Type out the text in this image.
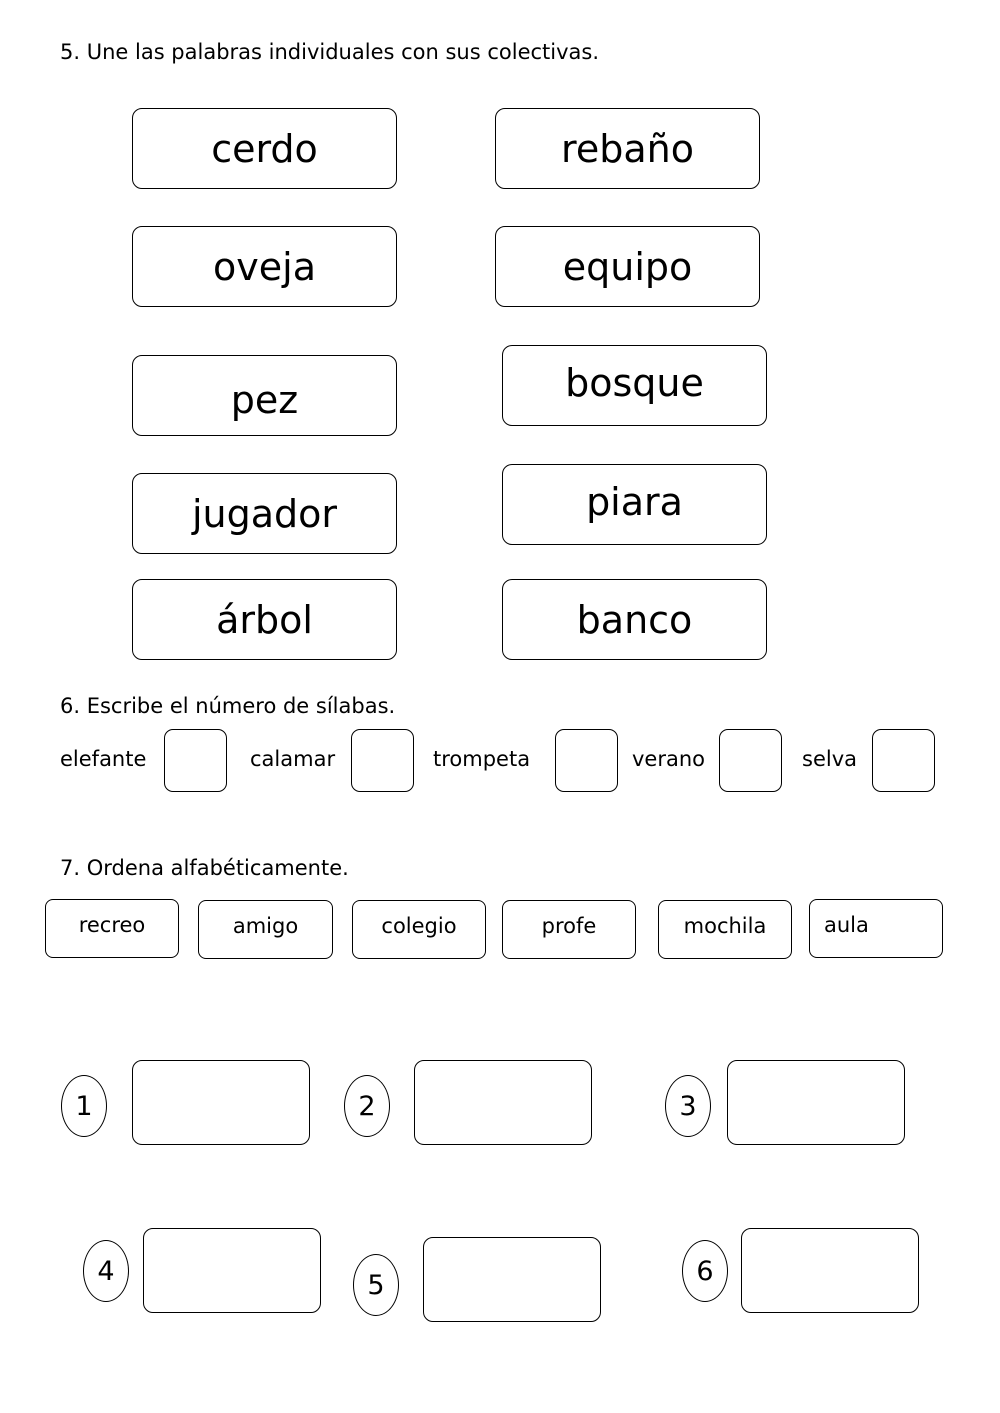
5. Une las palabras individuales con sus colectivas.
cerdo
oveja
pez
jugador
árbol
rebaño
equipo
bosque
piara
banco
6. Escribe el número de sílabas.
elefante	calamar	trompeta	verano	selva
7. Ordena alfabéticamente.
recreo	amigo	colegio	profe	mochila	aula
1	2	3
4	5	6
